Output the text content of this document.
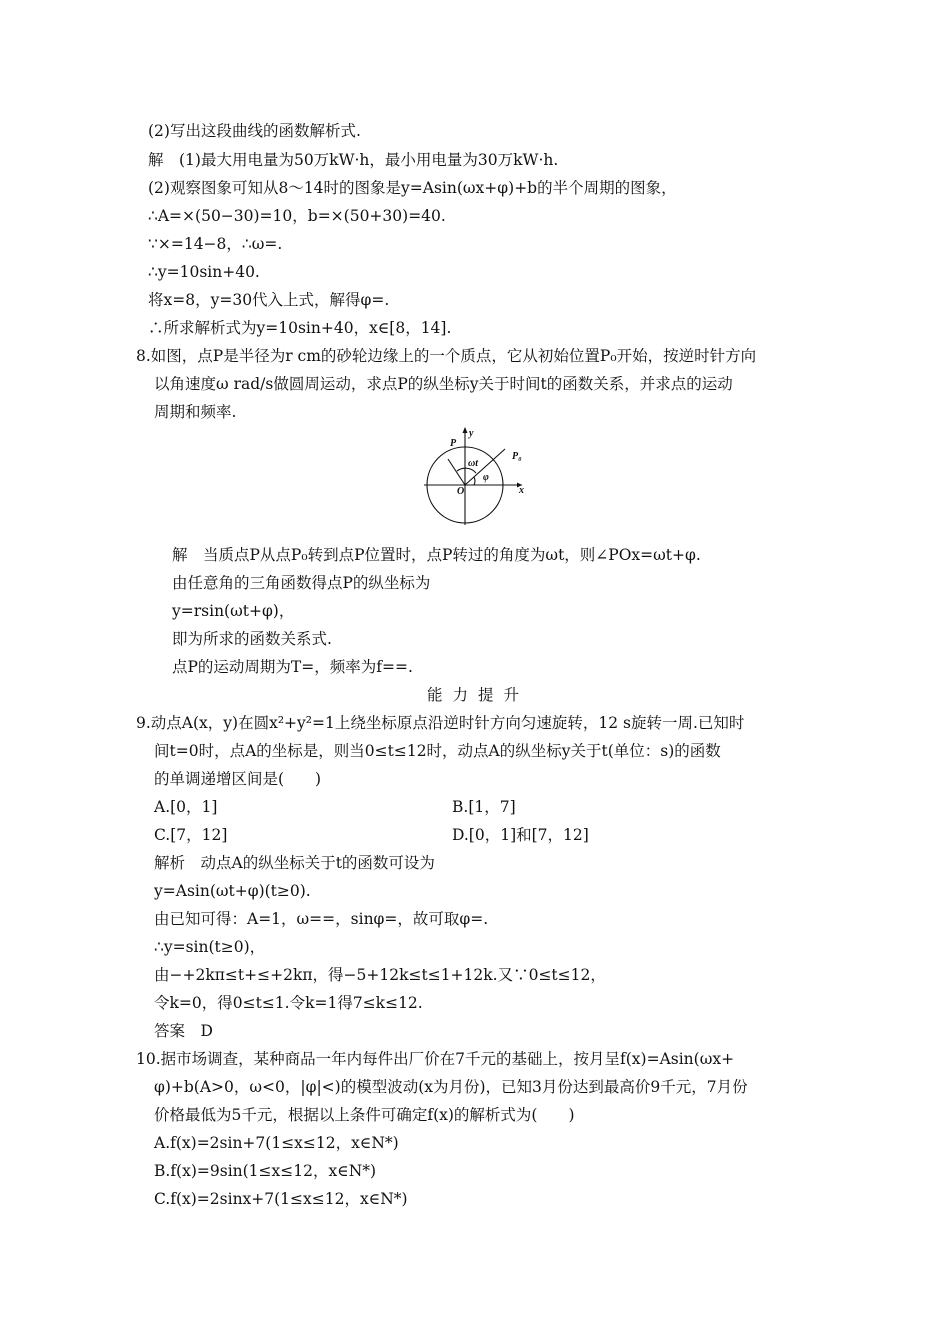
(2)写出这段曲线的函数解析式.
解　(1)最大用电量为50万kW·h，最小用电量为30万kW·h.
(2)观察图象可知从8～14时的图象是y=Asin(ωx+φ)+b的半个周期的图象，
∴A=×(50−30)=10，b=×(50+30)=40.
∵×=14−8，∴ω=.
∴y=10sin+40.
将x=8，y=30代入上式，解得φ=.
∴所求解析式为y=10sin+40，x∈[8，14].
8.如图，点P是半径为r cm的砂轮边缘上的一个质点，它从初始位置P₀开始，按逆时针方向
以角速度ω rad/s做圆周运动，求点P的纵坐标y关于时间t的函数关系，并求点的运动
周期和频率.
P
y
ωt
P₀
φ
O	x
解　当质点P从点P₀转到点P位置时，点P转过的角度为ωt，则∠POx=ωt+φ.
由任意角的三角函数得点P的纵坐标为
y=rsin(ωt+φ)，
即为所求的函数关系式.
点P的运动周期为T=，频率为f==.
能力提升
9.动点A(x，y)在圆x²+y²=1上绕坐标原点沿逆时针方向匀速旋转，12 s旋转一周.已知时
间t=0时，点A的坐标是，则当0≤t≤12时，动点A的纵坐标y关于t(单位：s)的函数
的单调递增区间是(　　)
A.[0，1]	B.[1，7]
C.[7，12]	D.[0，1]和[7，12]
解析　动点A的纵坐标关于t的函数可设为
y=Asin(ωt+φ)(t≥0).
由已知可得：A=1，ω==，sinφ=，故可取φ=.
∴y=sin(t≥0)，
由−+2kπ≤t+≤+2kπ，得−5+12k≤t≤1+12k.又∵0≤t≤12，
令k=0，得0≤t≤1.令k=1得7≤k≤12.
答案　D
10.据市场调查，某种商品一年内每件出厂价在7千元的基础上，按月呈f(x)=Asin(ωx+
φ)+b(A>0，ω<0，|φ|<)的模型波动(x为月份)，已知3月份达到最高价9千元，7月份
价格最低为5千元，根据以上条件可确定f(x)的解析式为(　　)
A.f(x)=2sin+7(1≤x≤12，x∈N*)
B.f(x)=9sin(1≤x≤12，x∈N*)
C.f(x)=2sinx+7(1≤x≤12，x∈N*)
